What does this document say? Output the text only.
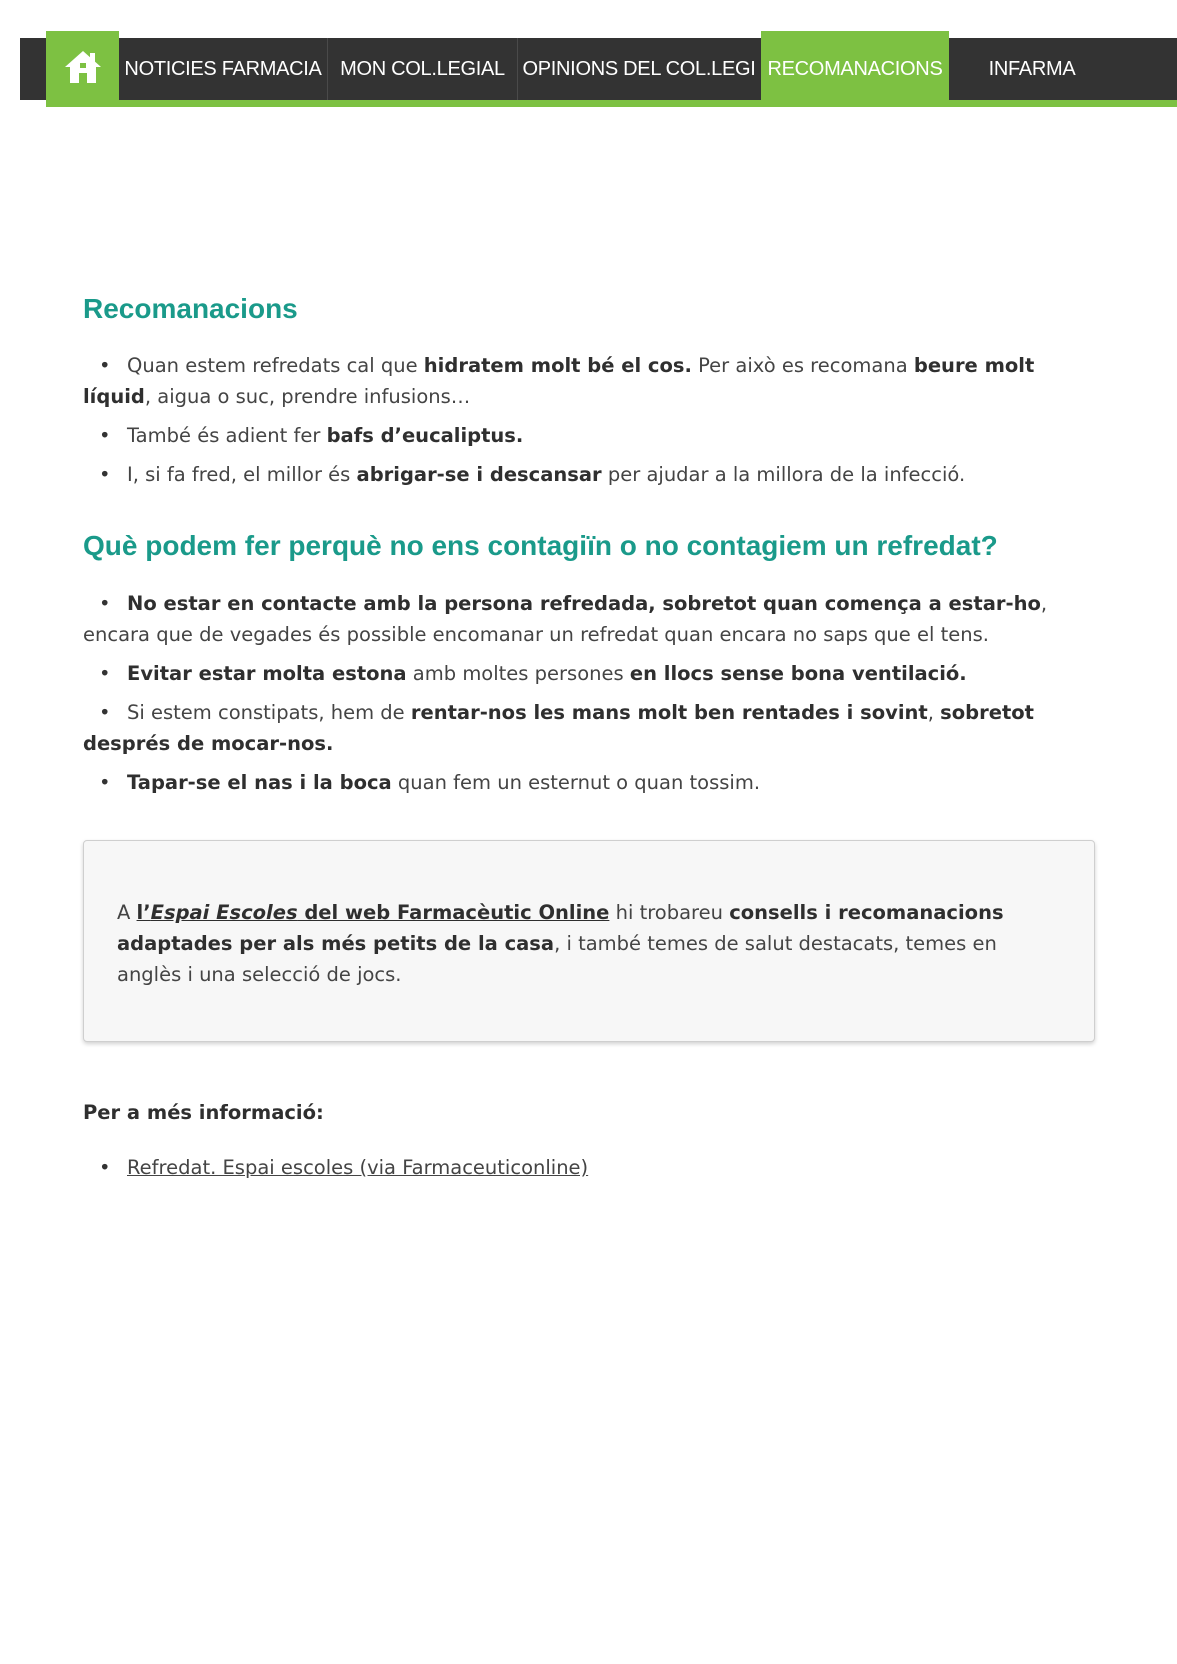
NOTICIES FARMACIA MON COL.LEGIAL OPINIONS DEL COL.LEGI RECOMANACIONS	INFARMA
Recomanacions
• Quan estem refredats cal que hidratem molt bé el cos. Per això es recomana beure molt líquid, aigua o suc, prendre infusions…
• També és adient fer bafs d’eucaliptus.
• I, si fa fred, el millor és abrigar-se i descansar per ajudar a la millora de la infecció.
Què podem fer perquè no ens contagiïn o no contagiem un refredat?
• No estar en contacte amb la persona refredada, sobretot quan comença a estar-ho, encara que de vegades és possible encomanar un refredat quan encara no saps que el tens.
• Evitar estar molta estona amb moltes persones en llocs sense bona ventilació.
• Si estem constipats, hem de rentar-nos les mans molt ben rentades i sovint, sobretot després de mocar-nos.
• Tapar-se el nas i la boca quan fem un esternut o quan tossim.
A l’Espai Escoles del web Farmacèutic Online hi trobareu consells i recomanacions adaptades per als més petits de la casa, i també temes de salut destacats, temes en anglès i una selecció de jocs.
Per a més informació:
• Refredat. Espai escoles (via Farmaceuticonline)
